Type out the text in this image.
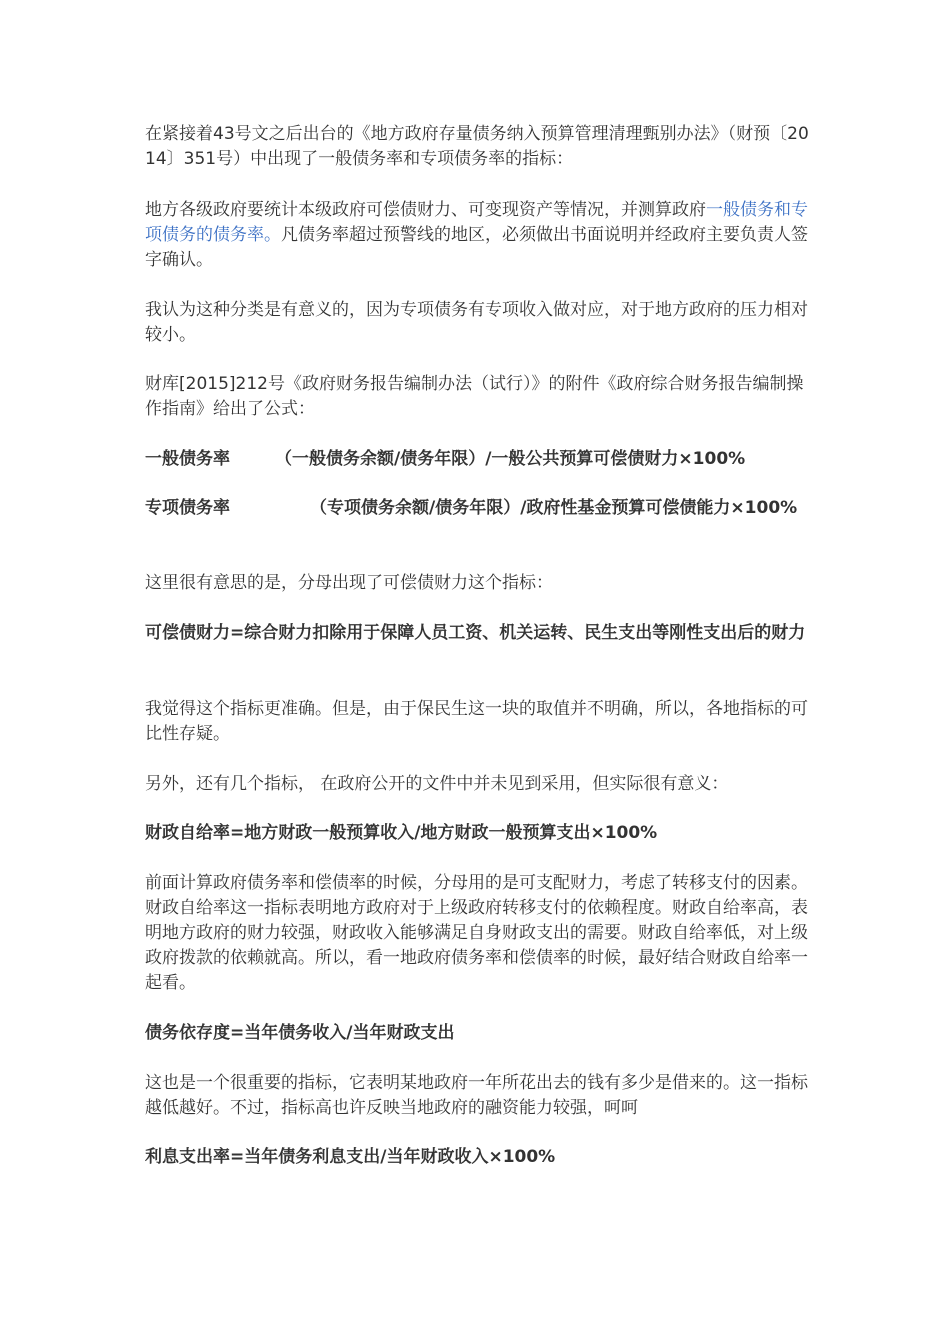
在紧接着43号文之后出台的《地方政府存量债务纳入预算管理清理甄别办法》（财预〔2014〕351号）中出现了一般债务率和专项债务率的指标：

地方各级政府要统计本级政府可偿债财力、可变现资产等情况，并测算政府一般债务和专项债务的债务率。凡债务率超过预警线的地区，必须做出书面说明并经政府主要负责人签字确认。

我认为这种分类是有意义的，因为专项债务有专项收入做对应，对于地方政府的压力相对较小。

财库[2015]212号《政府财务报告编制办法（试行）》的附件《政府综合财务报告编制操作指南》给出了公式：

一般债务率	（一般债务余额/债务年限）/一般公共预算可偿债财力×100%

专项债务率	（专项债务余额/债务年限）/政府性基金预算可偿债能力×100%

这里很有意思的是，分母出现了可偿债财力这个指标：

可偿债财力=综合财力扣除用于保障人员工资、机关运转、民生支出等刚性支出后的财力

我觉得这个指标更准确。但是，由于保民生这一块的取值并不明确，所以，各地指标的可比性存疑。

另外，还有几个指标， 在政府公开的文件中并未见到采用，但实际很有意义：

财政自给率=地方财政一般预算收入/地方财政一般预算支出×100%

前面计算政府债务率和偿债率的时候，分母用的是可支配财力，考虑了转移支付的因素。财政自给率这一指标表明地方政府对于上级政府转移支付的依赖程度。财政自给率高，表明地方政府的财力较强，财政收入能够满足自身财政支出的需要。财政自给率低，对上级政府拨款的依赖就高。所以，看一地政府债务率和偿债率的时候，最好结合财政自给率一起看。

债务依存度=当年债务收入/当年财政支出

这也是一个很重要的指标，它表明某地政府一年所花出去的钱有多少是借来的。这一指标越低越好。不过，指标高也许反映当地政府的融资能力较强，呵呵

利息支出率=当年债务利息支出/当年财政收入×100%
